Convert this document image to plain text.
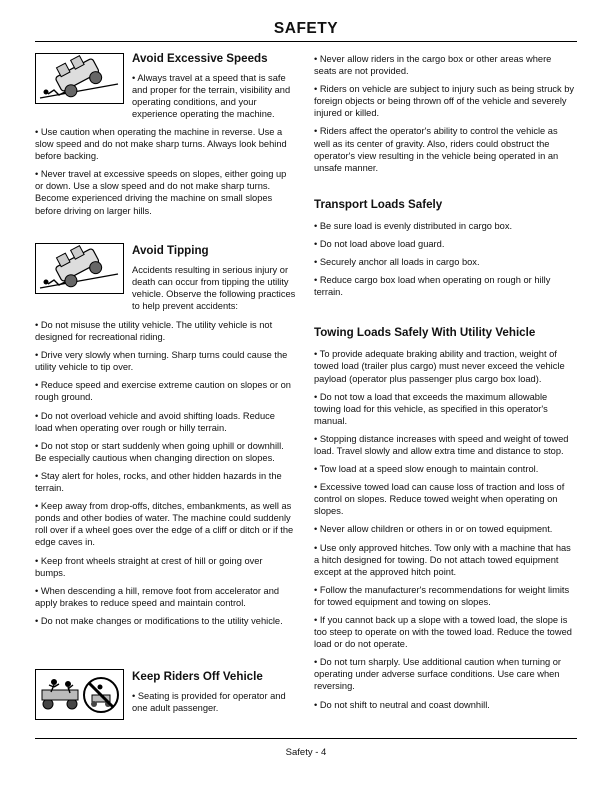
SAFETY
Avoid Excessive Speeds

• Always travel at a speed that is safe and proper for the terrain, visibility and operating conditions, and your experience operating the machine.

• Use caution when operating the machine in reverse. Use a slow speed and do not make sharp turns. Always look behind before backing.

• Never travel at excessive speeds on slopes, either going up or down. Use a slow speed and do not make sharp turns. Become experienced driving the machine on small slopes before driving on larger hills.

Avoid Tipping

Accidents resulting in serious injury or death can occur from tipping the utility vehicle. Observe the following practices to help prevent accidents:

• Do not misuse the utility vehicle. The utility vehicle is not designed for recreational riding.

• Drive very slowly when turning. Sharp turns could cause the utility vehicle to tip over.

• Reduce speed and exercise extreme caution on slopes or on rough ground.

• Do not overload vehicle and avoid shifting loads. Reduce load when operating over rough or hilly terrain.

• Do not stop or start suddenly when going uphill or downhill. Be especially cautious when changing direction on slopes.

• Stay alert for holes, rocks, and other hidden hazards in the terrain.

• Keep away from drop-offs, ditches, embankments, as well as ponds and other bodies of water. The machine could suddenly roll over if a wheel goes over the edge of a cliff or ditch or if the edge caves in.

• Keep front wheels straight at crest of hill or going over bumps.

• When descending a hill, remove foot from accelerator and apply brakes to reduce speed and maintain control.

• Do not make changes or modifications to the utility vehicle.

Keep Riders Off Vehicle

• Seating is provided for operator and one adult passenger.

• Never allow riders in the cargo box or other areas where seats are not provided.

• Riders on vehicle are subject to injury such as being struck by foreign objects or being thrown off of the vehicle and severely injured or killed.

• Riders affect the operator's ability to control the vehicle as well as its center of gravity. Also, riders could obstruct the operator's view resulting in the vehicle being operated in an unsafe manner.

Transport Loads Safely

• Be sure load is evenly distributed in cargo box.

• Do not load above load guard.

• Securely anchor all loads in cargo box.

• Reduce cargo box load when operating on rough or hilly terrain.

Towing Loads Safely With Utility Vehicle

• To provide adequate braking ability and traction, weight of towed load (trailer plus cargo) must never exceed the vehicle payload (operator plus passenger plus cargo box load).

• Do not tow a load that exceeds the maximum allowable towing load for this vehicle, as specified in this operator's manual.

• Stopping distance increases with speed and weight of towed load. Travel slowly and allow extra time and distance to stop.

• Tow load at a speed slow enough to maintain control.

• Excessive towed load can cause loss of traction and loss of control on slopes. Reduce towed weight when operating on slopes.

• Never allow children or others in or on towed equipment.

• Use only approved hitches. Tow only with a machine that has a hitch designed for towing. Do not attach towed equipment except at the approved hitch point.

• Follow the manufacturer's recommendations for weight limits for towed equipment and towing on slopes.

• If you cannot back up a slope with a towed load, the slope is too steep to operate on with the towed load. Reduce the towed load or do not operate.

• Do not turn sharply. Use additional caution when turning or operating under adverse surface conditions. Use care when reversing.

• Do not shift to neutral and coast downhill.

Safety - 4
